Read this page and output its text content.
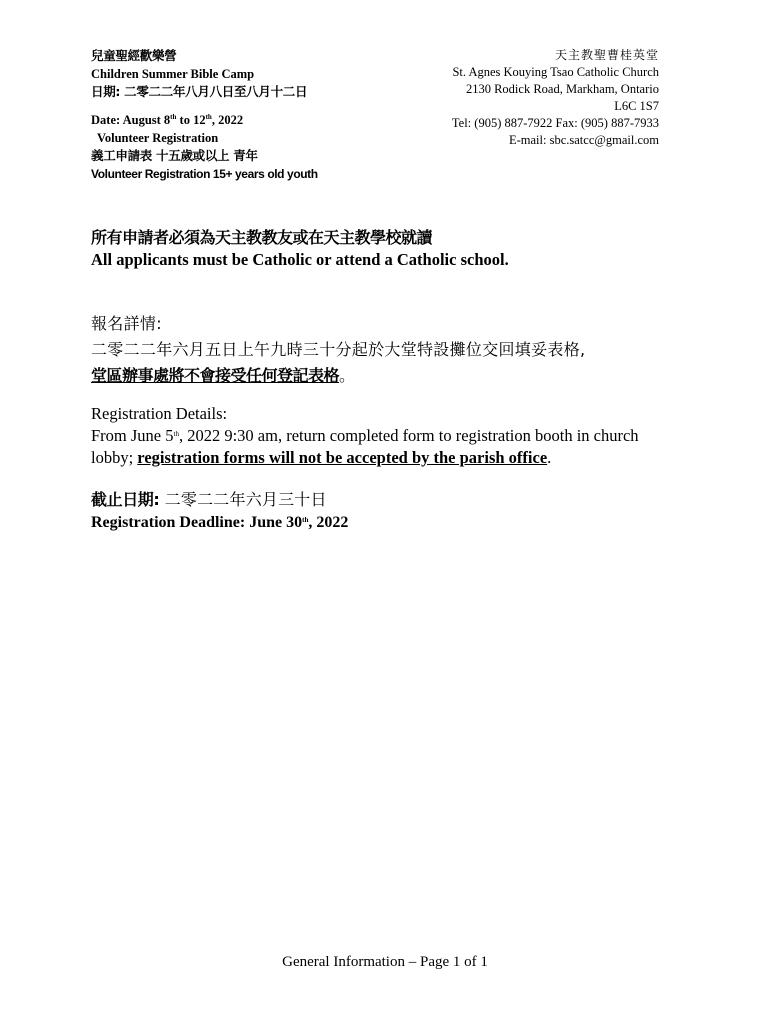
兒童聖經歡樂營
Children Summer Bible Camp
日期: 二零二二年八月八日至八月十二日
Date: August 8th to 12th, 2022
Volunteer Registration
義工申請表 十五歲或以上 青年
Volunteer Registration 15+ years old youth
天主教聖曹桂英堂
St. Agnes Kouying Tsao Catholic Church
2130 Rodick Road, Markham, Ontario
L6C 1S7
Tel: (905) 887-7922 Fax: (905) 887-7933
E-mail: sbc.satcc@gmail.com
所有申請者必須為天主教教友或在天主教學校就讀
All applicants must be Catholic or attend a Catholic school.
報名詳情:
二零二二年六月五日上午九時三十分起於大堂特設攤位交回填妥表格,
堂區辦事處將不會接受任何登記表格。
Registration Details:
From June 5th, 2022 9:30 am, return completed form to registration booth in church
lobby; registration forms will not be accepted by the parish office.
截止日期: 二零二二年六月三十日
Registration Deadline: June 30th, 2022
General Information – Page 1 of 1
